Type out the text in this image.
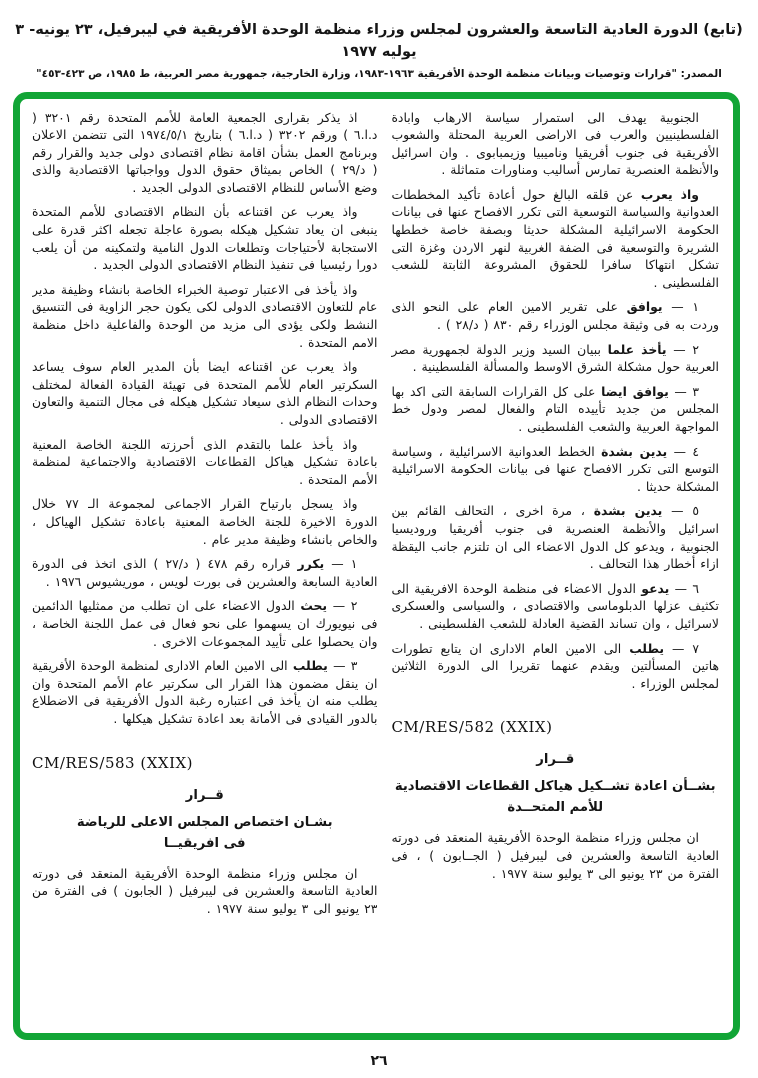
(تابع) الدورة العادية التاسعة والعشرون لمجلس وزراء منظمة الوحدة الأفريقية في ليبرفيل، ٢٣ يونيه- ٣ يوليه ١٩٧٧
المصدر: "قرارات وتوصيات وبيانات منظمة الوحدة الأفريقية ١٩٦٣-١٩٨٣، وزارة الخارجية، جمهورية مصر العربية، ط ١٩٨٥، ص ٤٢٣-٤٥٣"

الجنوبية يهدف الى استمرار سياسة الارهاب وابادة الفلسطينيين والعرب فى الاراضى العربية المحتلة والشعوب الأفريقية فى جنوب أفريقيا وناميبيا وزيمبابوى . وان اسرائيل والأنظمة العنصرية تمارس أساليب ومناورات متماثلة .

واذ يعرب عن قلقه البالغ حول أعادة تأكيد المخططات العدوانية والسياسة التوسعية التى تكرر الافصاح عنها فى بيانات الحكومة الاسرائيلية المشكلة حديثا وبصفة خاصة خططها الشريرة والتوسعية فى الضفة الغربية لنهر الاردن وغزة التى تشكل انتهاكا سافرا للحقوق المشروعة الثابتة للشعب الفلسطينى .

١ — يوافق على تقرير الامين العام على النحو الذى وردت به فى وثيقة مجلس الوزراء رقم ٨٣٠ ( د/٢٨ ) .

٢ — يأخذ علما ببيان السيد وزير الدولة لجمهورية مصر العربية حول مشكلة الشرق الاوسط والمسألة الفلسطينية .

٣ — يوافق ايضا على كل القرارات السابقة التى اكد بها المجلس من جديد تأييده التام والفعال لمصر ودول خط المواجهة العربية والشعب الفلسطينى .

٤ — يدين بشدة الخطط العدوانية الاسرائيلية ، وسياسة التوسع التى تكرر الافصاح عنها فى بيانات الحكومة الاسرائيلية المشكلة حديثا .

٥ — يدين بشدة ، مرة اخرى ، التحالف القائم بين اسرائيل والأنظمة العنصرية فى جنوب أفريقيا وروديسيا الجنوبية ، ويدعو كل الدول الاعضاء الى ان تلتزم جانب اليقظة ازاء أخطار هذا التحالف .

٦ — يدعو الدول الاعضاء فى منظمة الوحدة الافريقية الى تكثيف عزلها الدبلوماسى والاقتصادى ، والسياسى والعسكرى لاسرائيل ، وان تساند القضية العادلة للشعب الفلسطينى .

٧ — يطلب الى الامين العام الادارى ان يتابع تطورات هاتين المسألتين ويقدم عنهما تقريرا الى الدورة الثلاثين لمجلس الوزراء .

CM/RES/582 (XXIX)
قــرار
بشــأن اعادة تشــكيل هياكل القطاعات الاقتصادية
للأمم المتحــدة

ان مجلس وزراء منظمة الوحدة الأفريقية المنعقد فى دورته العادية التاسعة والعشرين فى ليبرفيل ( الجــابون ) ، فى الفترة من ٢٣ يونيو الى ٣ يوليو سنة ١٩٧٧ .

اذ يذكر بقرارى الجمعية العامة للأمم المتحدة رقم ٣٢٠١ ( د.ا.٦ ) ورقم ٣٢٠٢ ( د.ا.٦ ) بتاريخ ١٩٧٤/٥/١ التى تتضمن الاعلان وبرنامج العمل بشأن اقامة نظام اقتصادى دولى جديد والقرار رقم ( د/٢٩ ) الخاص بميثاق حقوق الدول وواجباتها الاقتصادية والذى وضع الأساس للنظام الاقتصادى الدولى الجديد .

واذ يعرب عن اقتناعه بأن النظام الاقتصادى للأمم المتحدة ينبغى ان يعاد تشكيل هيكله بصورة عاجلة تجعله اكثر قدرة على الاستجابة لأحتياجات وتطلعات الدول النامية ولتمكينه من أن يلعب دورا رئيسيا فى تنفيذ النظام الاقتصادى الدولى الجديد .

واذ يأخذ فى الاعتبار توصية الخبراء الخاصة بانشاء وظيفة مدير عام للتعاون الاقتصادى الدولى لكى يكون حجر الزاوية فى التنسيق النشط ولكى يؤدى الى مزيد من الوحدة والفاعلية داخل منظمة الامم المتحدة .

واذ يعرب عن اقتناعه ايضا بأن المدير العام سوف يساعد السكرتير العام للأمم المتحدة فى تهيئة القيادة الفعالة لمختلف وحدات النظام الذى سيعاد تشكيل هيكله فى مجال التنمية والتعاون الاقتصادى الدولى .

واذ يأخذ علما بالتقدم الذى أحرزته اللجنة الخاصة المعنية باعادة تشكيل هياكل القطاعات الاقتصادية والاجتماعية لمنظمة الأمم المتحدة .

واذ يسجل بارتياح القرار الاجماعى لمجموعة الـ ٧٧ خلال الدورة الاخيرة للجنة الخاصة المعنية باعادة تشكيل الهياكل ، والخاص بانشاء وظيفة مدير عام .

١ — يكرر قراره رقم ٤٧٨ ( د/٢٧ ) الذى اتخذ فى الدورة العادية السابعة والعشرين فى بورت لويس ، موريشيوس ١٩٧٦ .

٢ — يحث الدول الاعضاء على ان تطلب من ممثليها الدائمين فى نيويورك ان يسهموا على نحو فعال فى عمل اللجنة الخاصة ، وان يحصلوا على تأييد المجموعات الاخرى .

٣ — يطلب الى الامين العام الادارى لمنظمة الوحدة الأفريقية ان ينقل مضمون هذا القرار الى سكرتير عام الأمم المتحدة وان يطلب منه ان يأخذ فى اعتباره رغبة الدول الأفريقية فى الاضطلاع بالدور القيادى فى الأمانة بعد اعادة تشكيل هيكلها .

CM/RES/583 (XXIX)
قــرار
بشـان اختصاص المجلس الاعلى للرياضة
فى افريقيــا

ان مجلس وزراء منظمة الوحدة الأفريقية المنعقد فى دورته العادية التاسعة والعشرين فى ليبرفيل ( الجابون ) فى الفترة من ٢٣ يونيو الى ٣ يوليو سنة ١٩٧٧ .

٢٦
